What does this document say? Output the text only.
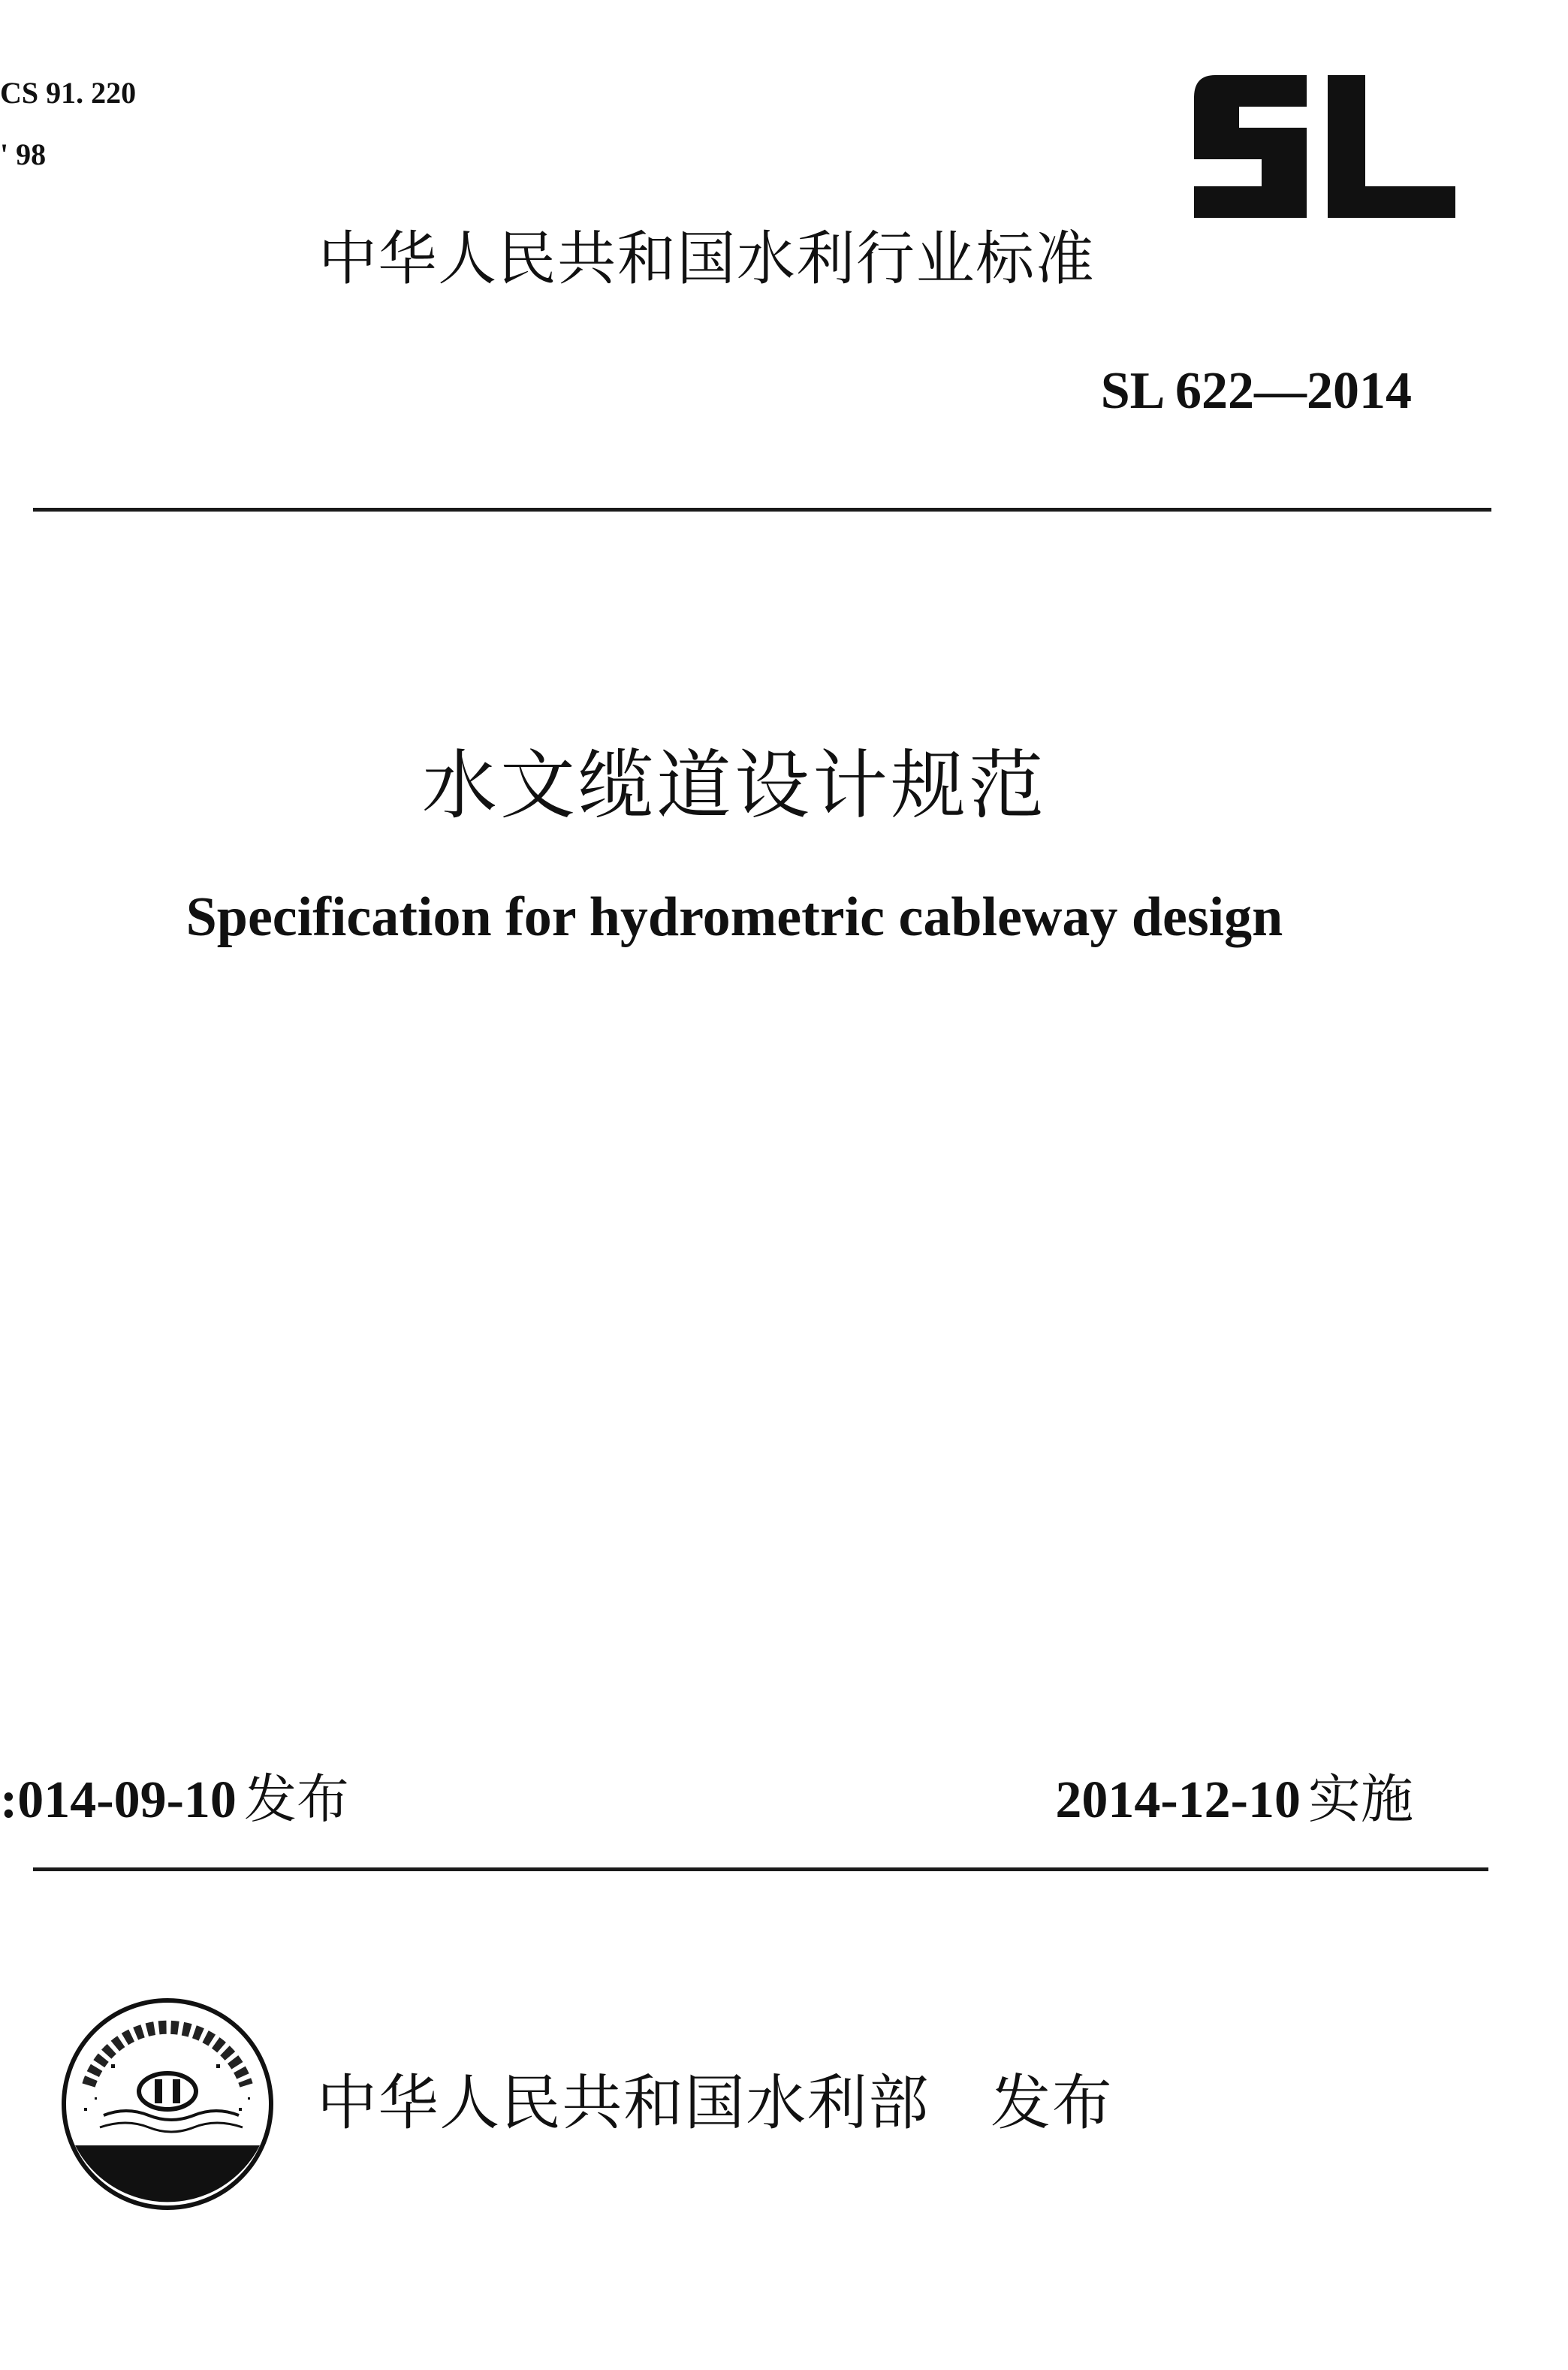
CS 91. 220
' 98
中华人民共和国水利行业标准
SL 622—2014
水文缆道设计规范
Specification for hydrometric cableway design
:014-09-10 发布	2014-12-10 实施
中华人民共和国水利部   发布
